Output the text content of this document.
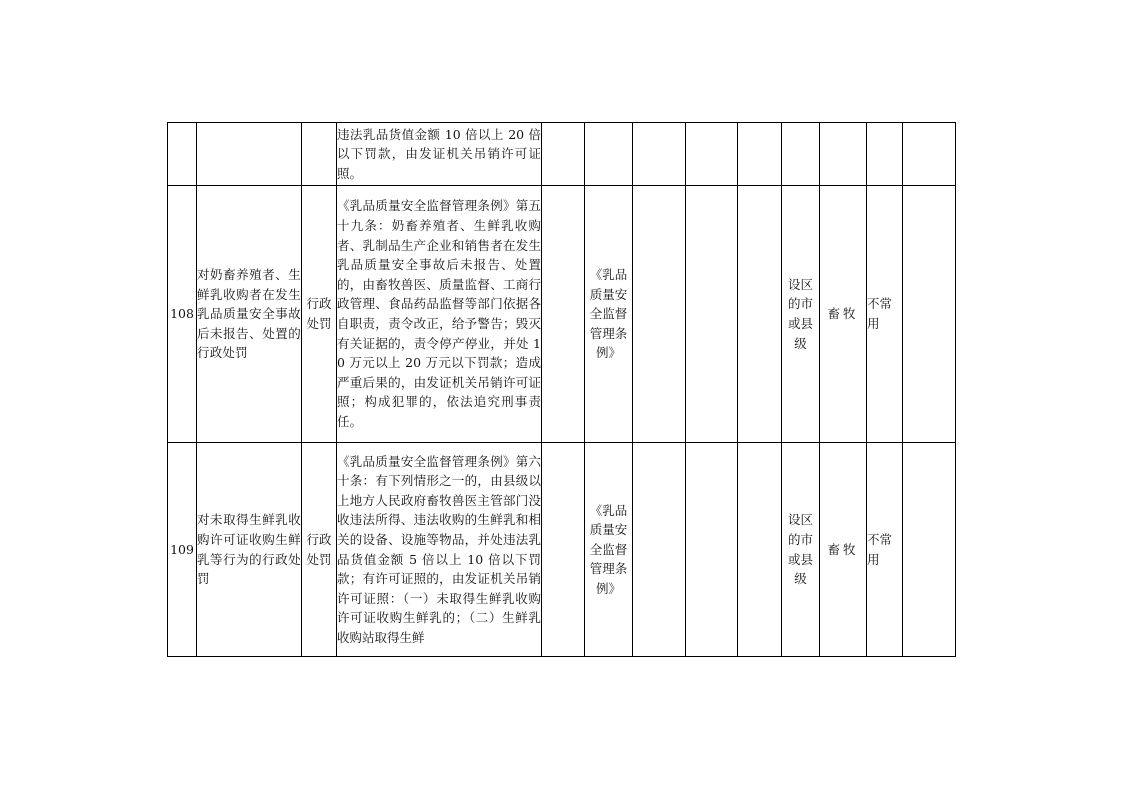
			违法乳品货值金额 10 倍以上 20 倍以下罚款，由发证机关吊销许可证照。									
108	对奶畜养殖者、生鲜乳收购者在发生乳品质量安全事故后未报告、处置的行政处罚	行政处罚	《乳品质量安全监督管理条例》第五十九条：奶畜养殖者、生鲜乳收购者、乳制品生产企业和销售者在发生乳品质量安全事故后未报告、处置的，由畜牧兽医、质量监督、工商行政管理、食品药品监督等部门依据各自职责，责令改正，给予警告；毁灭有关证据的，责令停产停业，并处 10 万元以上 20 万元以下罚款；造成严重后果的，由发证机关吊销许可证照；构成犯罪的，依法追究刑事责任。		《乳品质量安全监督管理条例》				设区的市或县级	畜牧	不常用	
109	对未取得生鲜乳收购许可证收购生鲜乳等行为的行政处罚	行政处罚	《乳品质量安全监督管理条例》第六十条：有下列情形之一的，由县级以上地方人民政府畜牧兽医主管部门没收违法所得、违法收购的生鲜乳和相关的设备、设施等物品，并处违法乳品货值金额 5 倍以上 10 倍以下罚款；有许可证照的，由发证机关吊销许可证照：（一）未取得生鲜乳收购许可证收购生鲜乳的；（二）生鲜乳收购站取得生鲜		《乳品质量安全监督管理条例》				设区的市或县级	畜牧	不常用	
